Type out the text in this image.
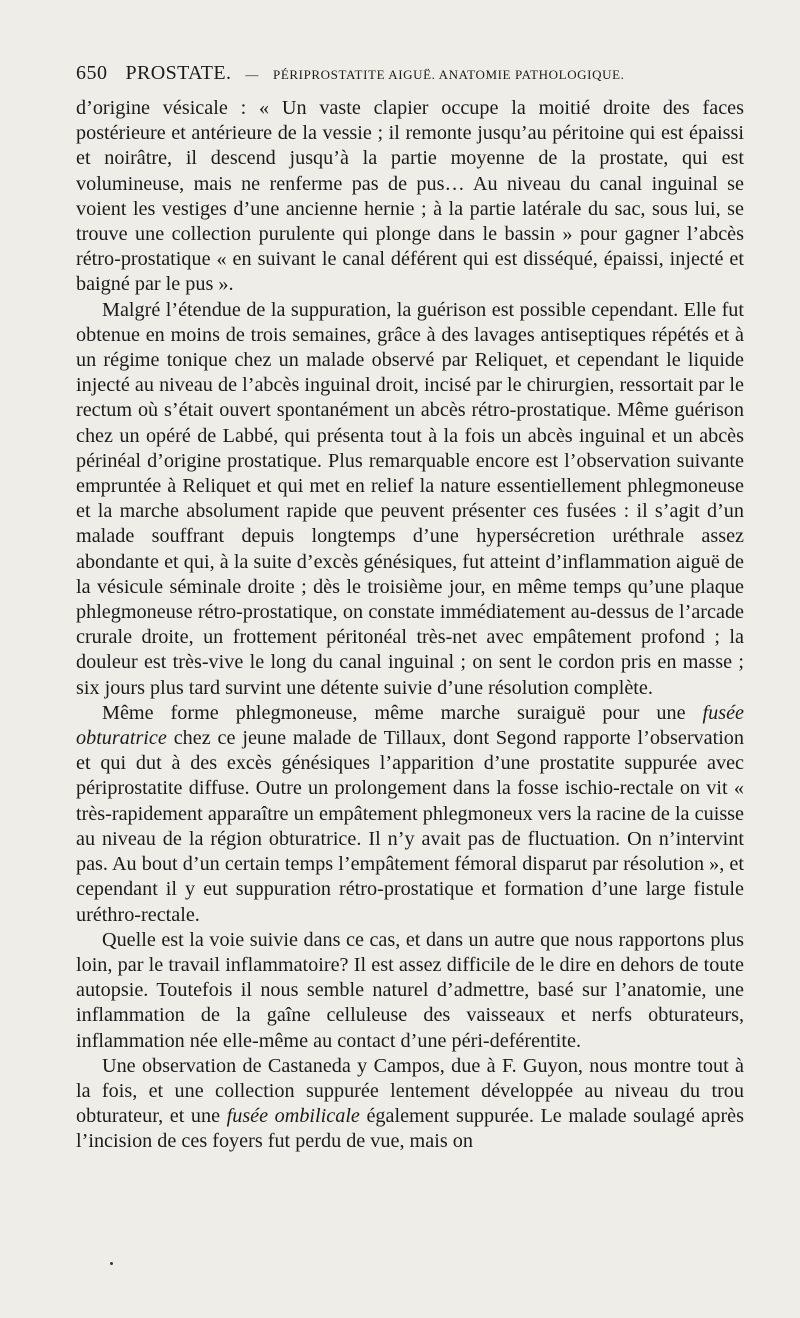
650 PROSTATE. — PÉRIPROSTATITE AIGUË. ANATOMIE PATHOLOGIQUE.

d’origine vésicale : « Un vaste clapier occupe la moitié droite des faces postérieure et antérieure de la vessie ; il remonte jusqu’au péritoine qui est épaissi et noirâtre, il descend jusqu’à la partie moyenne de la prostate, qui est volumineuse, mais ne renferme pas de pus… Au niveau du canal inguinal se voient les vestiges d’une ancienne hernie ; à la partie latérale du sac, sous lui, se trouve une collection purulente qui plonge dans le bassin » pour gagner l’abcès rétro-prostatique « en suivant le canal déférent qui est disséqué, épaissi, injecté et baigné par le pus ».

Malgré l’étendue de la suppuration, la guérison est possible cependant. Elle fut obtenue en moins de trois semaines, grâce à des lavages antiseptiques répétés et à un régime tonique chez un malade observé par Reliquet, et cependant le liquide injecté au niveau de l’abcès inguinal droit, incisé par le chirurgien, ressortait par le rectum où s’était ouvert spontanément un abcès rétro-prostatique. Même guérison chez un opéré de Labbé, qui présenta tout à la fois un abcès inguinal et un abcès périnéal d’origine prostatique. Plus remarquable encore est l’observation suivante empruntée à Reliquet et qui met en relief la nature essentiellement phlegmoneuse et la marche absolument rapide que peuvent présenter ces fusées : il s’agit d’un malade souffrant depuis longtemps d’une hypersécretion uréthrale assez abondante et qui, à la suite d’excès génésiques, fut atteint d’inflammation aiguë de la vésicule séminale droite ; dès le troisième jour, en même temps qu’une plaque phlegmoneuse rétro-prostatique, on constate immédiatement au-dessus de l’arcade crurale droite, un frottement péritonéal très-net avec empâtement profond ; la douleur est très-vive le long du canal inguinal ; on sent le cordon pris en masse ; six jours plus tard survint une détente suivie d’une résolution complète.

Même forme phlegmoneuse, même marche suraiguë pour une fusée obturatrice chez ce jeune malade de Tillaux, dont Segond rapporte l’observation et qui dut à des excès génésiques l’apparition d’une prostatite suppurée avec périprostatite diffuse. Outre un prolongement dans la fosse ischio-rectale on vit « très-rapidement apparaître un empâtement phlegmoneux vers la racine de la cuisse au niveau de la région obturatrice. Il n’y avait pas de fluctuation. On n’intervint pas. Au bout d’un certain temps l’empâtement fémoral disparut par résolution », et cependant il y eut suppuration rétro-prostatique et formation d’une large fistule uréthro-rectale.

Quelle est la voie suivie dans ce cas, et dans un autre que nous rapportons plus loin, par le travail inflammatoire? Il est assez difficile de le dire en dehors de toute autopsie. Toutefois il nous semble naturel d’admettre, basé sur l’anatomie, une inflammation de la gaîne celluleuse des vaisseaux et nerfs obturateurs, inflammation née elle-même au contact d’une péri-deférentite.

Une observation de Castaneda y Campos, due à F. Guyon, nous montre tout à la fois, et une collection suppurée lentement développée au niveau du trou obturateur, et une fusée ombilicale également suppurée. Le malade soulagé après l’incision de ces foyers fut perdu de vue, mais on
